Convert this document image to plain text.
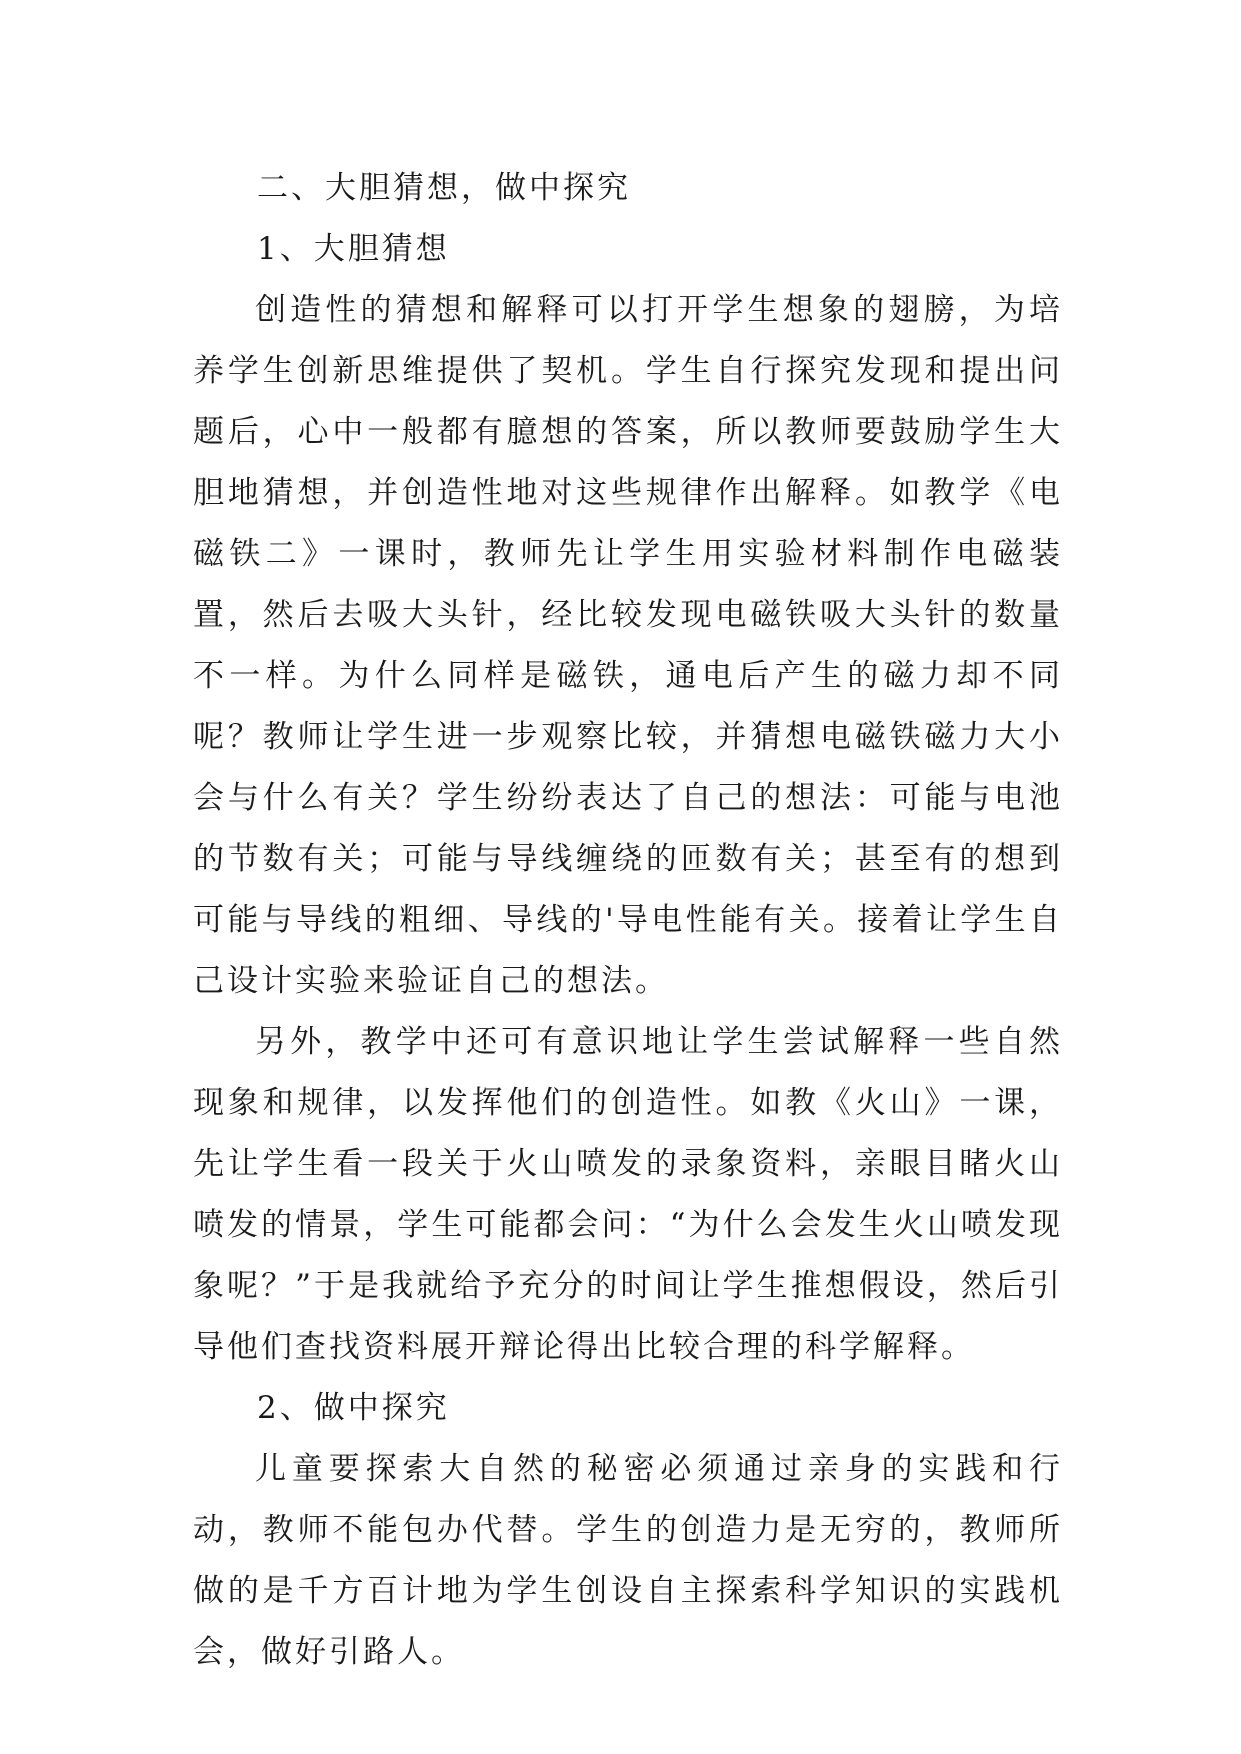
二、大胆猜想，做中探究

1、大胆猜想

创造性的猜想和解释可以打开学生想象的翅膀，为培养学生创新思维提供了契机。学生自行探究发现和提出问题后，心中一般都有臆想的答案，所以教师要鼓励学生大胆地猜想，并创造性地对这些规律作出解释。如教学《电磁铁二》一课时，教师先让学生用实验材料制作电磁装置，然后去吸大头针，经比较发现电磁铁吸大头针的数量不一样。为什么同样是磁铁，通电后产生的磁力却不同呢？教师让学生进一步观察比较，并猜想电磁铁磁力大小会与什么有关？学生纷纷表达了自己的想法：可能与电池的节数有关；可能与导线缠绕的匝数有关；甚至有的想到可能与导线的粗细、导线的'导电性能有关。接着让学生自己设计实验来验证自己的想法。

另外，教学中还可有意识地让学生尝试解释一些自然现象和规律，以发挥他们的创造性。如教《火山》一课，先让学生看一段关于火山喷发的录象资料，亲眼目睹火山喷发的情景，学生可能都会问：“为什么会发生火山喷发现象呢？”于是我就给予充分的时间让学生推想假设，然后引导他们查找资料展开辩论得出比较合理的科学解释。

2、做中探究

儿童要探索大自然的秘密必须通过亲身的实践和行动，教师不能包办代替。学生的创造力是无穷的，教师所做的是千方百计地为学生创设自主探索科学知识的实践机会，做好引路人。
